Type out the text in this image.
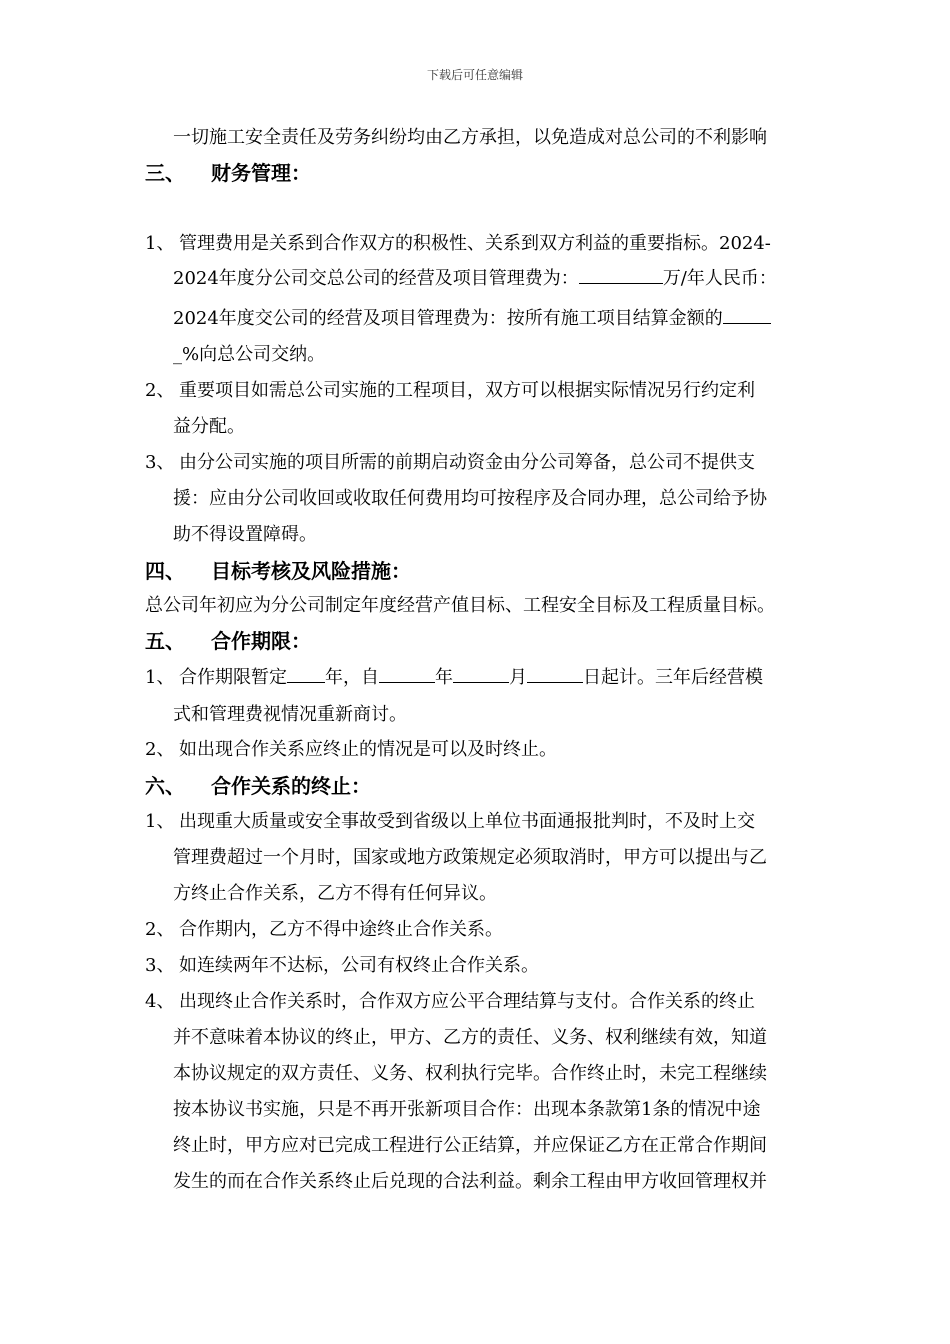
下载后可任意编辑
一切施工安全责任及劳务纠纷均由乙方承担，以免造成对总公司的不利影响
三、 财务管理：
1、 管理费用是关系到合作双方的积极性、关系到双方利益的重要指标。2024-
2024年度分公司交总公司的经营及项目管理费为：	万/年人民币：
2024年度交公司的经营及项目管理费为：按所有施工项目结算金额的
_%向总公司交纳。
2、 重要项目如需总公司实施的工程项目，双方可以根据实际情况另行约定利
益分配。
3、 由分公司实施的项目所需的前期启动资金由分公司筹备，总公司不提供支
援：应由分公司收回或收取任何费用均可按程序及合同办理，总公司给予协
助不得设置障碍。
四、 目标考核及风险措施：
总公司年初应为分公司制定年度经营产值目标、工程安全目标及工程质量目标。
五、 合作期限：
1、 合作期限暂定 年，自	年	月	日起计。三年后经营模
式和管理费视情况重新商讨。
2、 如出现合作关系应终止的情况是可以及时终止。
六、 合作关系的终止：
1、 出现重大质量或安全事故受到省级以上单位书面通报批判时，不及时上交
管理费超过一个月时，国家或地方政策规定必须取消时，甲方可以提出与乙
方终止合作关系，乙方不得有任何异议。
2、 合作期内，乙方不得中途终止合作关系。
3、 如连续两年不达标，公司有权终止合作关系。
4、 出现终止合作关系时，合作双方应公平合理结算与支付。合作关系的终止
并不意味着本协议的终止，甲方、乙方的责任、义务、权利继续有效，知道
本协议规定的双方责任、义务、权利执行完毕。合作终止时，未完工程继续
按本协议书实施，只是不再开张新项目合作：出现本条款第1条的情况中途
终止时，甲方应对已完成工程进行公正结算，并应保证乙方在正常合作期间
发生的而在合作关系终止后兑现的合法利益。剩余工程由甲方收回管理权并
